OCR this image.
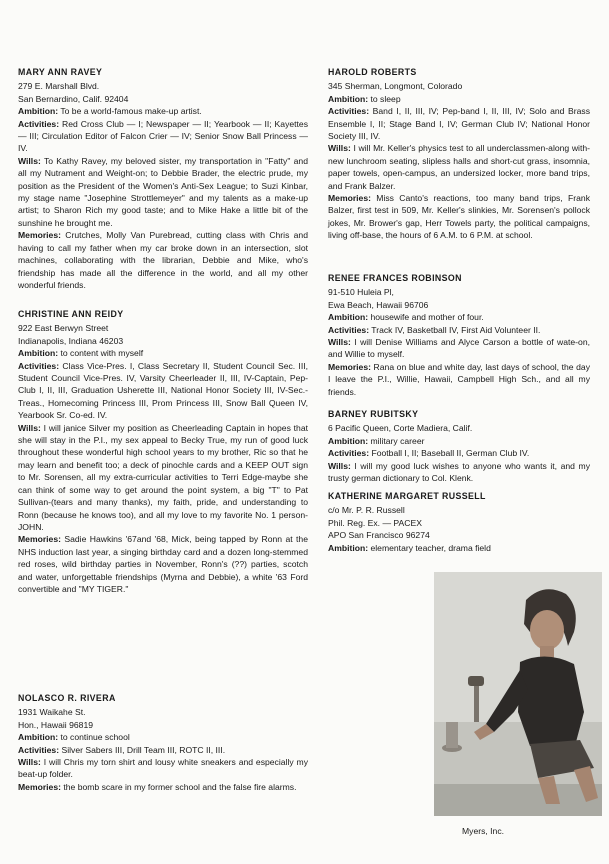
MARY ANN RAVEY
279 E. Marshall Blvd.
San Bernardino, Calif. 92404

Ambition: To be a world-famous make-up artist.

Activities: Red Cross Club — I; Newspaper — II; Yearbook — II; Kayettes — III; Circulation Editor of Falcon Crier — IV; Senior Snow Ball Princess — IV.

Wills: To Kathy Ravey, my beloved sister, my transportation in "Fatty" and all my Nutrament and Weight-on; to Debbie Brader, the electric prude, my position as the President of the Women's Anti-Sex League; to Suzi Kinbar, my stage name "Josephine Strottlemeyer" and my talents as a make-up artist; to Sharon Rich my good taste; and to Mike Hake a little bit of the sunshine he brought me.

Memories: Crutches, Molly Van Purebread, cutting class with Chris and having to call my father when my car broke down in an intersection, slot machines, collaborating with the librarian, Debbie and Mike, who's friendship has made all the difference in the world, and all my other wonderful friends.

CHRISTINE ANN REIDY
922 East Berwyn Street
Indianapolis, Indiana 46203

Ambition: to content with myself

Activities: Class Vice-Pres. I, Class Secretary II, Student Council Sec. III, Student Council Vice-Pres. IV, Varsity Cheerleader II, III, IV-Captain, Pep-Club I, II, III, Graduation Usherette III, National Honor Society III, IV-Sec.-Treas., Homecoming Princess III, Prom Princess III, Snow Ball Queen IV, Yearbook Sr. Co-ed. IV.

Wills: I will janice Silver my position as Cheerleading Captain in hopes that she will stay in the P.I., my sex appeal to Becky True, my run of good luck throughout these wonderful high school years to my brother, Ric so that he may learn and benefit too; a deck of pinochle cards and a KEEP OUT sign to Mr. Sorensen, all my extra-curricular activities to Terri Edge-maybe she can think of some way to get around the point system, a big "T" to Pat Sullivan-(tears and many thanks), my faith, pride, and understanding to Ronn (because he knows too), and all my love to my favorite No. 1 person-JOHN.

Memories: Sadie Hawkins '67and '68, Mick, being tapped by Ronn at the NHS induction last year, a singing birthday card and a dozen long-stemmed red roses, wild birthday parties in November, Ronn's (??) parties, scotch and water, unforgettable friendships (Myrna and Debbie), a white '63 Ford convertible and "MY TIGER."

NOLASCO R. RIVERA
1931 Waikahe St.
Hon., Hawaii 96819

Ambition: to continue school

Activities: Silver Sabers III, Drill Team III, ROTC II, III.

Wills: I will Chris my torn shirt and lousy white sneakers and especially my beat-up folder.

Memories: the bomb scare in my former school and the false fire alarms.

HAROLD ROBERTS
345 Sherman, Longmont, Colorado

Ambition: to sleep

Activities: Band I, II, III, IV; Pep-band I, II, III, IV; Solo and Brass Ensemble I, II; Stage Band I, IV; German Club IV; National Honor Society III, IV.

Wills: I will Mr. Keller's physics test to all underclassmen-along with-new lunchroom seating, slipless halls and short-cut grass, insomnia, paper towels, open-campus, an undersized locker, more band trips, and Frank Balzer.

Memories: Miss Canto's reactions, too many band trips, Frank Balzer, first test in 509, Mr. Keller's slinkies, Mr. Sorensen's pollock jokes, Mr. Brower's gap, Herr Towels party, the political campaigns, living off-base, the hours of 6 A.M. to 6 P.M. at school.

RENEE FRANCES ROBINSON
91-510 Huleia Pl,
Ewa Beach, Hawaii 96706

Ambition: housewife and mother of four.

Activities: Track IV, Basketball IV, First Aid Volunteer II.

Wills: I will Denise Williams and Alyce Carson a bottle of wate-on, and Willie to myself.

Memories: Rana on blue and white day, last days of school, the day I leave the P.I., Willie, Hawaii, Campbell High Sch., and all my friends.

BARNEY RUBITSKY
6 Pacific Queen, Corte Madiera, Calif.

Ambition: military career

Activities: Football I, II; Baseball II, German Club IV.

Wills: I will my good luck wishes to anyone who wants it, and my trusty german dictionary to Col. Klenk.

KATHERINE MARGARET RUSSELL
c/o Mr. P. R. Russell
Phil. Reg. Ex. — PACEX
APO San Francisco 96274

Ambition: elementary teacher, drama field

Myers, Inc.
